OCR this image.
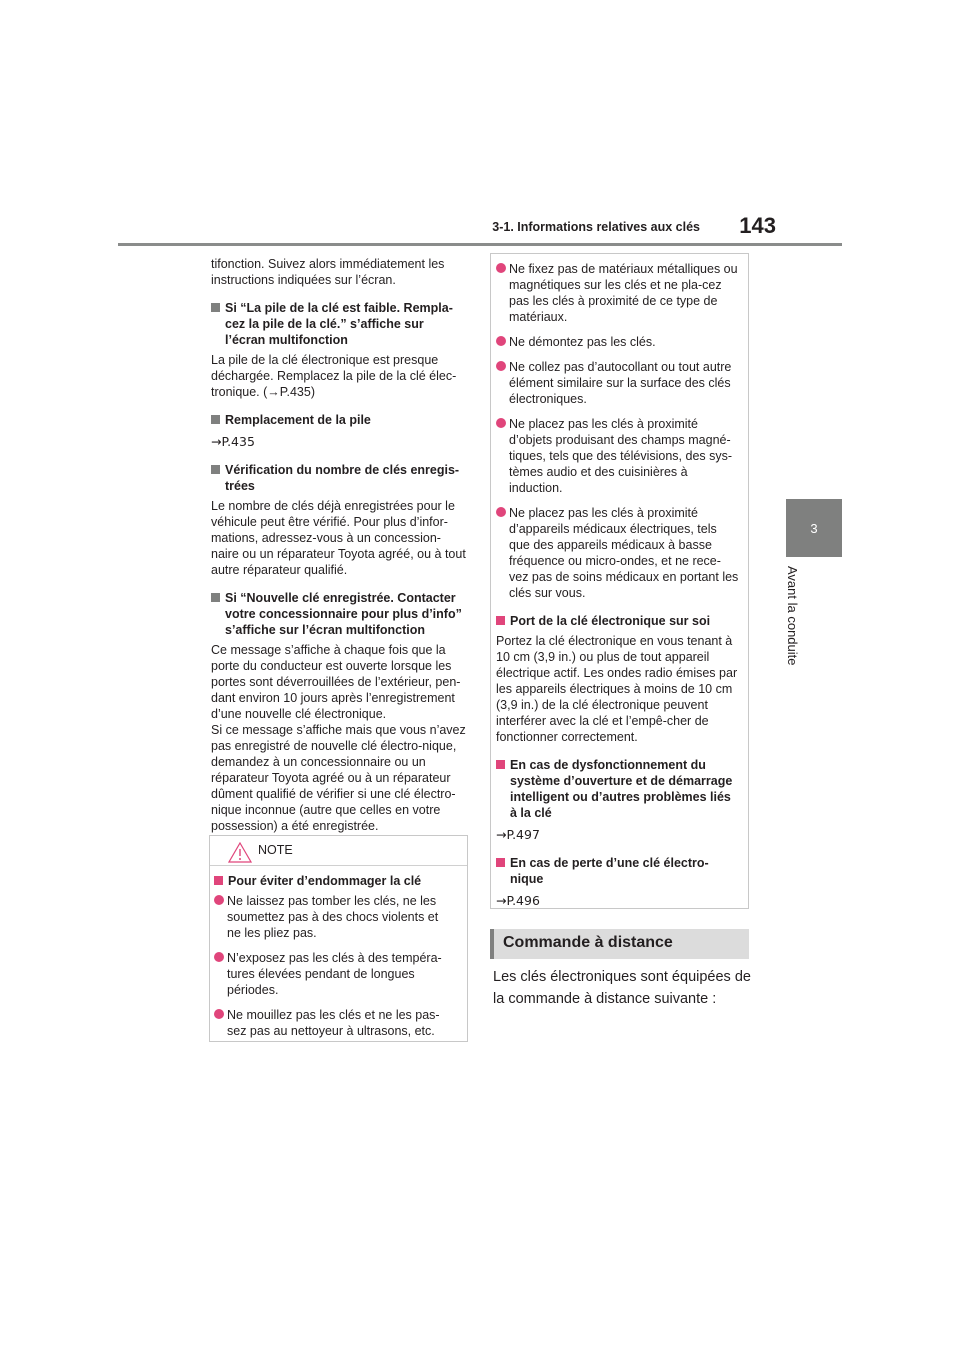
3-1. Informations relatives aux clés	143
3
Avant la conduite

tifonction. Suivez alors immédiatement les instructions indiquées sur l’écran.

Si “La pile de la clé est faible. Rempla-cez la pile de la clé.” s’affiche sur l’écran multifonction

La pile de la clé électronique est presque déchargée. Remplacez la pile de la clé élec-tronique. (→P.435)

Remplacement de la pile

→P.435

Vérification du nombre de clés enregis-trées

Le nombre de clés déjà enregistrées pour le véhicule peut être vérifié. Pour plus d’infor-mations, adressez-vous à un concession-naire ou un réparateur Toyota agréé, ou à tout autre réparateur qualifié.

Si “Nouvelle clé enregistrée. Contacter votre concessionnaire pour plus d’info” s’affiche sur l’écran multifonction

Ce message s’affiche à chaque fois que la porte du conducteur est ouverte lorsque les portes sont déverrouillées de l’extérieur, pen-dant environ 10 jours après l’enregistrement d’une nouvelle clé électronique.

Si ce message s’affiche mais que vous n’avez pas enregistré de nouvelle clé électro-nique, demandez à un concessionnaire ou un réparateur Toyota agréé ou à un réparateur dûment qualifié de vérifier si une clé électro-nique inconnue (autre que celles en votre possession) a été enregistrée.

NOTE

Pour éviter d’endommager la clé

Ne laissez pas tomber les clés, ne les soumettez pas à des chocs violents et ne les pliez pas.

N’exposez pas les clés à des tempéra-tures élevées pendant de longues périodes.

Ne mouillez pas les clés et ne les pas-sez pas au nettoyeur à ultrasons, etc.

Ne fixez pas de matériaux métalliques ou magnétiques sur les clés et ne pla-cez pas les clés à proximité de ce type de matériaux.

Ne démontez pas les clés.

Ne collez pas d’autocollant ou tout autre élément similaire sur la surface des clés électroniques.

Ne placez pas les clés à proximité d’objets produisant des champs magné-tiques, tels que des télévisions, des sys-tèmes audio et des cuisinières à induction.

Ne placez pas les clés à proximité d’appareils médicaux électriques, tels que des appareils médicaux à basse fréquence ou micro-ondes, et ne rece-vez pas de soins médicaux en portant les clés sur vous.

Port de la clé électronique sur soi

Portez la clé électronique en vous tenant à 10 cm (3,9 in.) ou plus de tout appareil électrique actif. Les ondes radio émises par les appareils électriques à moins de 10 cm (3,9 in.) de la clé électronique peuvent interférer avec la clé et l’empê-cher de fonctionner correctement.

En cas de dysfonctionnement du système d’ouverture et de démarrage intelligent ou d’autres problèmes liés à la clé

→P.497

En cas de perte d’une clé électro-nique

→P.496

Commande à distance

Les clés électroniques sont équipées de la commande à distance suivante :
